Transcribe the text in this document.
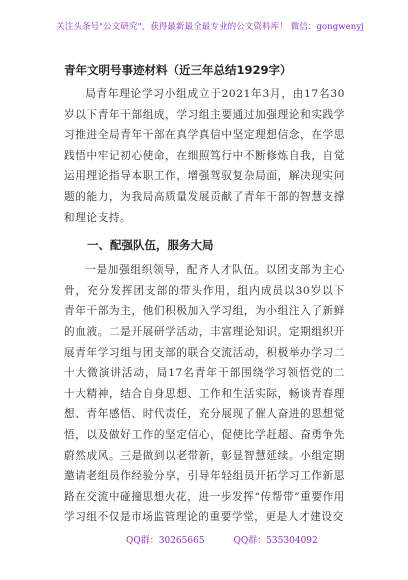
关注头条号"公文研究"，获得最新最全最专业的公文资料库！ 微信：gongwenyj
青年文明号事迹材料（近三年总结1929字）

局青年理论学习小组成立于2021年3月，由17名30岁以下青年干部组成，学习组主要通过加强理论和实践学习推进全局青年干部在真学真信中坚定理想信念，在学思践悟中牢记初心使命，在细照笃行中不断修炼自我，自觉运用理论指导本职工作，增强驾驭复杂局面，解决现实问题的能力，为我局高质量发展贡献了青年干部的智慧支撑和理论支持。

一、配强队伍，服务大局

一是加强组织领导，配齐人才队伍。以团支部为主心骨，充分发挥团支部的带头作用，组内成员以30岁以下青年干部为主，他们积极加入学习组，为小组注入了新鲜的血液。二是开展研学活动，丰富理论知识。定期组织开展青年学习组与团支部的联合交流活动，积极举办学习二十大微演讲活动，局17名青年干部围绕学习领悟党的二十大精神，结合自身思想、工作和生活实际，畅谈青春理想、青年感悟、时代责任，充分展现了催人奋进的思想觉悟，以及做好工作的坚定信心，促使比学赶超、奋勇争先蔚然成风。三是做到以老带新，彰显智慧延续。小组定期邀请老组员作经验分享，引导年轻组员开拓学习工作新思路在交流中碰撞思想火花，进一步发挥“传帮带”重要作用学习组不仅是市场监管理论的重要学堂，更是人才建设交

QQ群：30265665	QQ群：535304092
